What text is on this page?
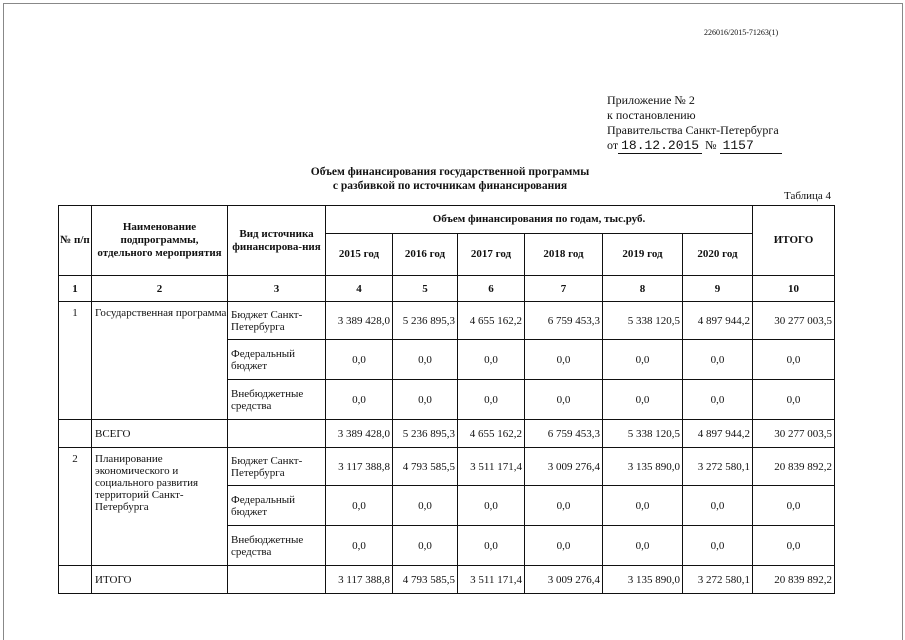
226016/2015-71263(1)
Приложение № 2
к постановлению
Правительства Санкт-Петербурга
от 18.12.2015 № 1157
Объем финансирования государственной программы
с разбивкой по источникам финансирования
Таблица 4
№ п/п	Наименование подпрограммы, отдельного мероприятия	Вид источника финансирова-ния	Объем финансирования по годам, тыс.руб.						ИТОГО
			2015 год	2016 год	2017 год	2018 год	2019 год	2020 год	
1	2	3	4	5	6	7	8	9	10
1	Государственная программа	Бюджет Санкт-Петербурга	3 389 428,0	5 236 895,3	4 655 162,2	6 759 453,3	5 338 120,5	4 897 944,2	30 277 003,5
		Федеральный бюджет	0,0	0,0	0,0	0,0	0,0	0,0	0,0
		Внебюджетные средства	0,0	0,0	0,0	0,0	0,0	0,0	0,0
	ВСЕГО		3 389 428,0	5 236 895,3	4 655 162,2	6 759 453,3	5 338 120,5	4 897 944,2	30 277 003,5
2	Планирование экономического и социального развития территорий Санкт-Петербурга	Бюджет Санкт-Петербурга	3 117 388,8	4 793 585,5	3 511 171,4	3 009 276,4	3 135 890,0	3 272 580,1	20 839 892,2
		Федеральный бюджет	0,0	0,0	0,0	0,0	0,0	0,0	0,0
		Внебюджетные средства	0,0	0,0	0,0	0,0	0,0	0,0	0,0
	ИТОГО		3 117 388,8	4 793 585,5	3 511 171,4	3 009 276,4	3 135 890,0	3 272 580,1	20 839 892,2
